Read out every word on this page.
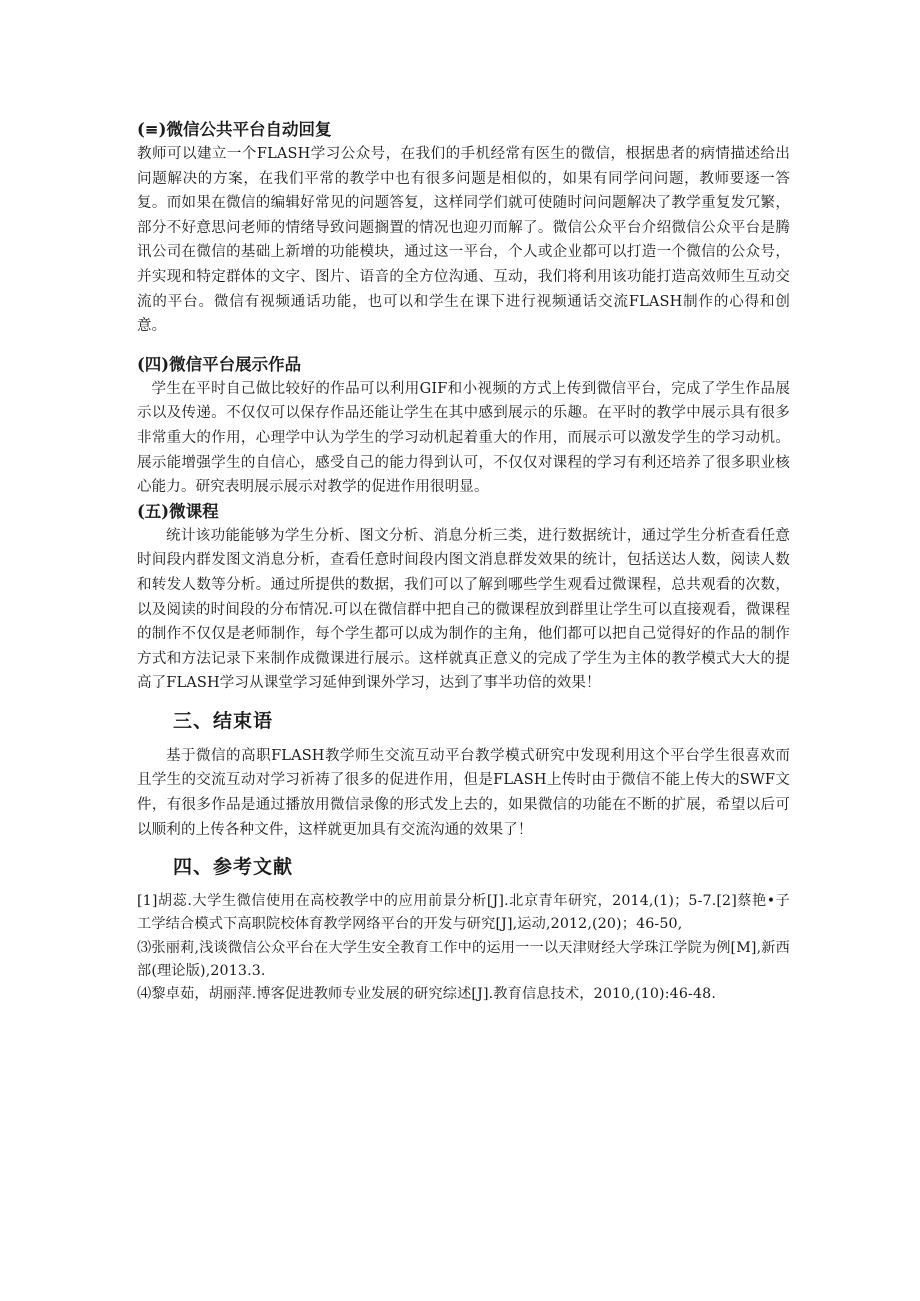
(≡)微信公共平台自动回复

教师可以建立一个FLASH学习公众号，在我们的手机经常有医生的微信，根据患者的病情描述给出问题解决的方案，在我们平常的教学中也有很多问题是相似的，如果有同学问问题，教师要逐一答复。而如果在微信的编辑好常见的问题答复，这样同学们就可使随时问问题解决了教学重复发冗繁，部分不好意思问老师的情绪导致问题搁置的情况也迎刃而解了。微信公众平台介绍微信公众平台是腾讯公司在微信的基础上新增的功能模块，通过这一平台，个人或企业都可以打造一个微信的公众号，并实现和特定群体的文字、图片、语音的全方位沟通、互动，我们将利用该功能打造高效师生互动交流的平台。微信有视频通话功能，也可以和学生在课下进行视频通话交流FLASH制作的心得和创意。

(四)微信平台展示作品

学生在平时自己做比较好的作品可以利用GIF和小视频的方式上传到微信平台，完成了学生作品展示以及传递。不仅仅可以保存作品还能让学生在其中感到展示的乐趣。在平时的教学中展示具有很多非常重大的作用，心理学中认为学生的学习动机起着重大的作用，而展示可以激发学生的学习动机。展示能增强学生的自信心，感受自己的能力得到认可，不仅仅对课程的学习有利还培养了很多职业核心能力。研究表明展示展示对教学的促进作用很明显。

(五)微课程

统计该功能能够为学生分析、图文分析、消息分析三类，进行数据统计，通过学生分析查看任意时间段内群发图文消息分析，查看任意时间段内图文消息群发效果的统计，包括送达人数，阅读人数和转发人数等分析。通过所提供的数据，我们可以了解到哪些学生观看过微课程，总共观看的次数，以及阅读的时间段的分布情况.可以在微信群中把自己的微课程放到群里让学生可以直接观看，微课程的制作不仅仅是老师制作，每个学生都可以成为制作的主角，他们都可以把自己觉得好的作品的制作方式和方法记录下来制作成微课进行展示。这样就真正意义的完成了学生为主体的教学模式大大的提高了FLASH学习从课堂学习延伸到课外学习，达到了事半功倍的效果！

三、结束语

基于微信的高职FLASH教学师生交流互动平台教学模式研究中发现利用这个平台学生很喜欢而且学生的交流互动对学习祈祷了很多的促进作用，但是FLASH上传时由于微信不能上传大的SWF文件，有很多作品是通过播放用微信录像的形式发上去的，如果微信的功能在不断的扩展，希望以后可以顺利的上传各种文件，这样就更加具有交流沟通的效果了！

四、参考文献

[1]胡蕊.大学生微信使用在高校教学中的应用前景分析[J].北京青年研究，2014,(1)；5-7.[2]蔡艳•子工学结合模式下高职院校体育教学网络平台的开发与研究[J],运动,2012,(20)；46-50,

⑶张丽莉,浅谈微信公众平台在大学生安全教育工作中的运用一一以天津财经大学珠江学院为例[M],新西部(理论版),2013.3.

⑷黎卓茹，胡丽萍.博客促进教师专业发展的研究综述[J].教育信息技术，2010,(10):46-48.
